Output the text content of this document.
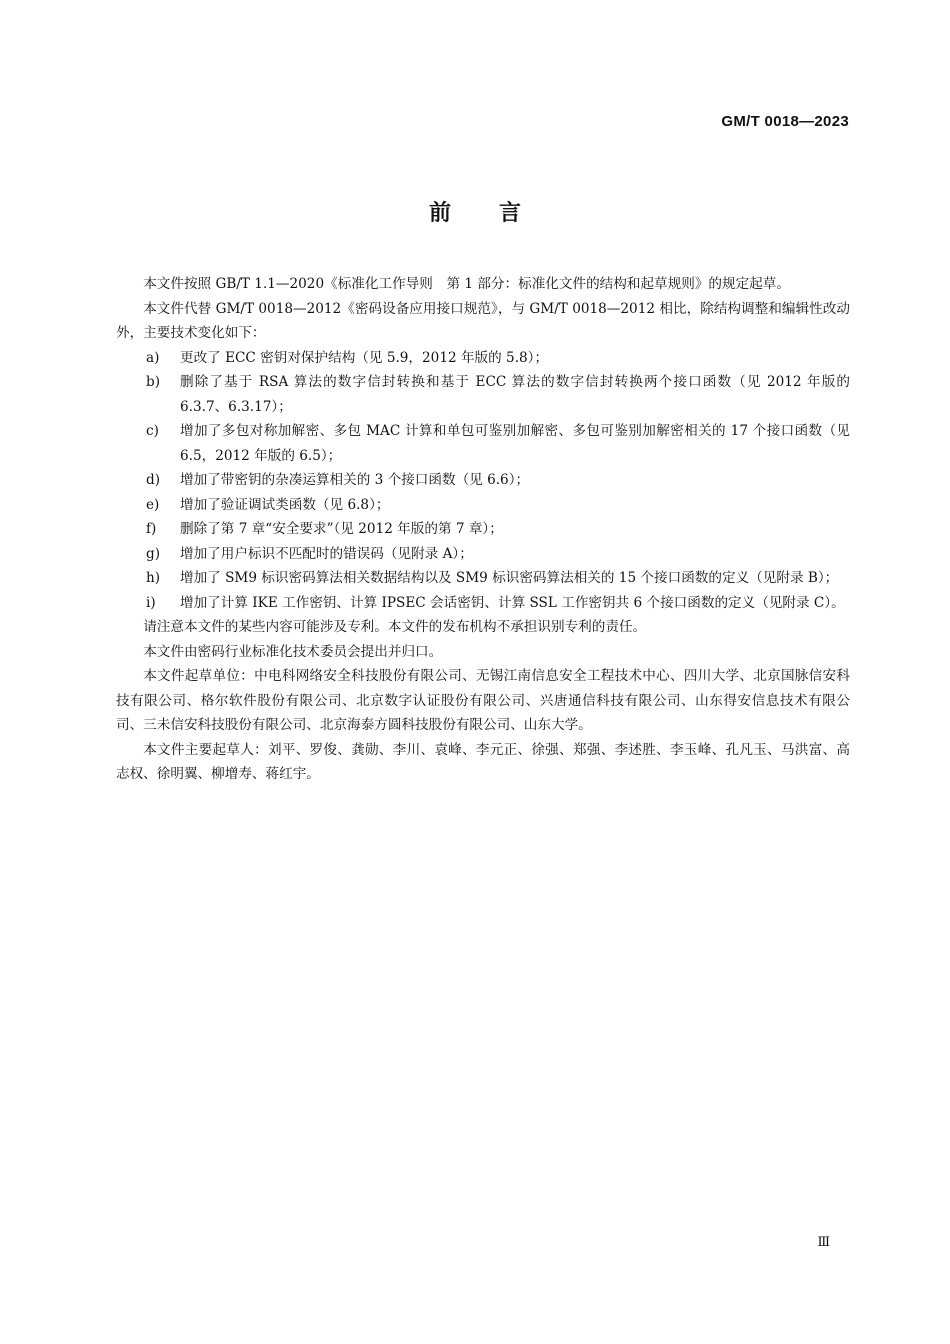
GM/T 0018—2023
前言

本文件按照 GB/T 1.1—2020《标准化工作导则　第 1 部分：标准化文件的结构和起草规则》的规定起草。

本文件代替 GM/T 0018—2012《密码设备应用接口规范》，与 GM/T 0018—2012 相比，除结构调整和编辑性改动外，主要技术变化如下：

a)	更改了 ECC 密钥对保护结构（见 5.9，2012 年版的 5.8）；
b)	删除了基于 RSA 算法的数字信封转换和基于 ECC 算法的数字信封转换两个接口函数（见 2012 年版的 6.3.7、6.3.17）；
c)	增加了多包对称加解密、多包 MAC 计算和单包可鉴别加解密、多包可鉴别加解密相关的 17 个接口函数（见 6.5，2012 年版的 6.5）；
d)	增加了带密钥的杂凑运算相关的 3 个接口函数（见 6.6）；
e)	增加了验证调试类函数（见 6.8）；
f)	删除了第 7 章“安全要求”（见 2012 年版的第 7 章）；
g)	增加了用户标识不匹配时的错误码（见附录 A）；
h)	增加了 SM9 标识密码算法相关数据结构以及 SM9 标识密码算法相关的 15 个接口函数的定义（见附录 B）；
i)	增加了计算 IKE 工作密钥、计算 IPSEC 会话密钥、计算 SSL 工作密钥共 6 个接口函数的定义（见附录 C）。

请注意本文件的某些内容可能涉及专利。本文件的发布机构不承担识别专利的责任。

本文件由密码行业标准化技术委员会提出并归口。

本文件起草单位：中电科网络安全科技股份有限公司、无锡江南信息安全工程技术中心、四川大学、北京国脉信安科技有限公司、格尔软件股份有限公司、北京数字认证股份有限公司、兴唐通信科技有限公司、山东得安信息技术有限公司、三未信安科技股份有限公司、北京海泰方圆科技股份有限公司、山东大学。

本文件主要起草人：刘平、罗俊、龚勋、李川、袁峰、李元正、徐强、郑强、李述胜、李玉峰、孔凡玉、马洪富、高志权、徐明翼、柳增寿、蒋红宇。

Ⅲ
